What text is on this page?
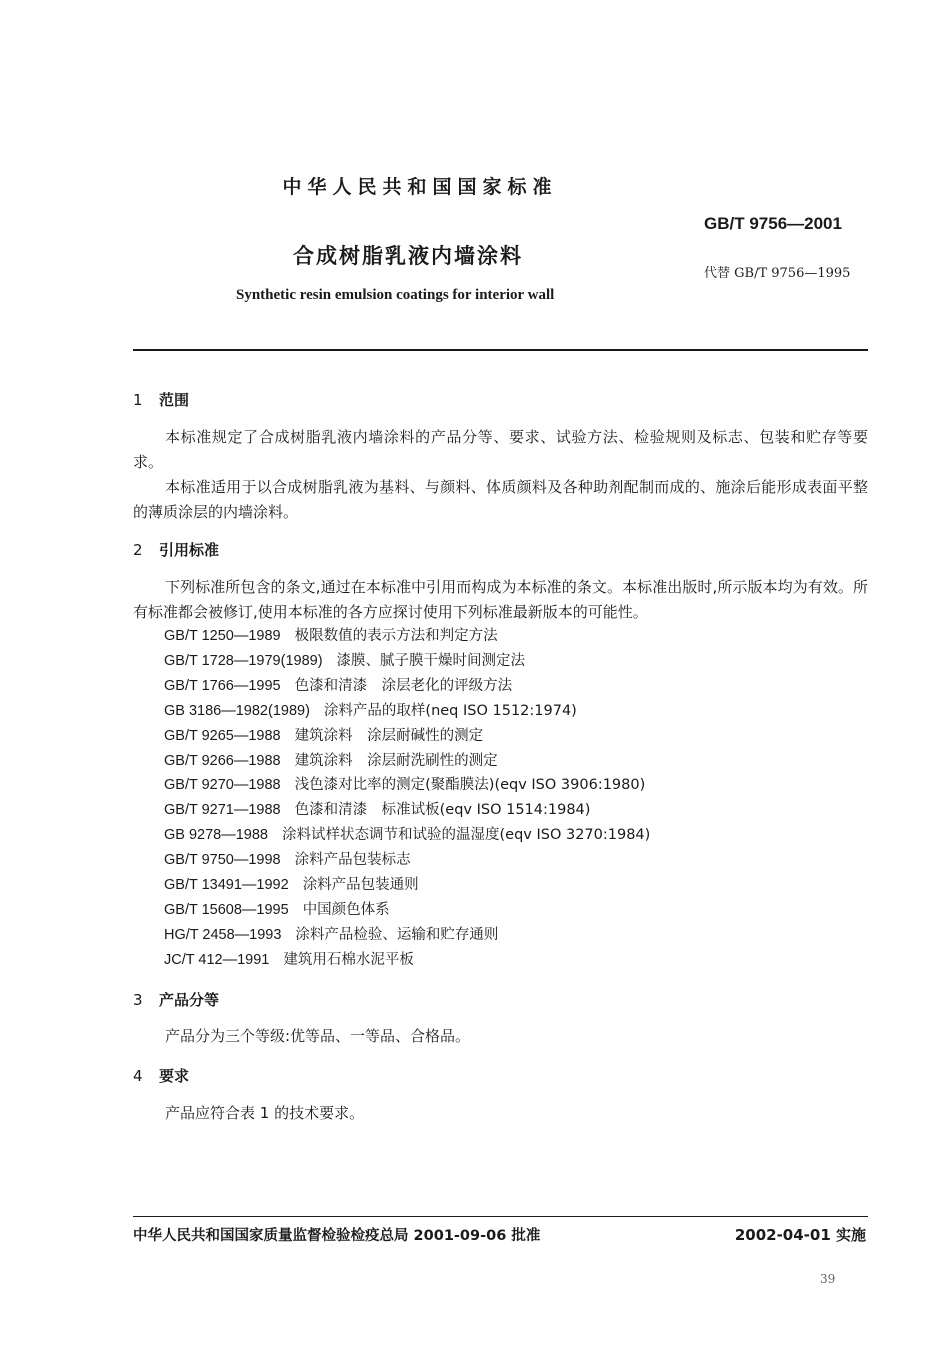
中华人民共和国国家标准
GB/T 9756—2001
合成树脂乳液内墙涂料
代替 GB/T 9756—1995
Synthetic resin emulsion coatings for interior wall
1 范围
本标准规定了合成树脂乳液内墙涂料的产品分等、要求、试验方法、检验规则及标志、包装和贮存等要求。
本标准适用于以合成树脂乳液为基料、与颜料、体质颜料及各种助剂配制而成的、施涂后能形成表面平整的薄质涂层的内墙涂料。
2 引用标准
下列标准所包含的条文,通过在本标准中引用而构成为本标准的条文。本标准出版时,所示版本均为有效。所有标准都会被修订,使用本标准的各方应探讨使用下列标准最新版本的可能性。
GB/T 1250—1989 极限数值的表示方法和判定方法
GB/T 1728—1979(1989) 漆膜、腻子膜干燥时间测定法
GB/T 1766—1995 色漆和清漆　涂层老化的评级方法
GB 3186—1982(1989) 涂料产品的取样(neq ISO 1512:1974)
GB/T 9265—1988 建筑涂料　涂层耐碱性的测定
GB/T 9266—1988 建筑涂料　涂层耐洗刷性的测定
GB/T 9270—1988 浅色漆对比率的测定(聚酯膜法)(eqv ISO 3906:1980)
GB/T 9271—1988 色漆和清漆　标准试板(eqv ISO 1514:1984)
GB 9278—1988 涂料试样状态调节和试验的温湿度(eqv ISO 3270:1984)
GB/T 9750—1998 涂料产品包装标志
GB/T 13491—1992 涂料产品包装通则
GB/T 15608—1995 中国颜色体系
HG/T 2458—1993 涂料产品检验、运输和贮存通则
JC/T 412—1991 建筑用石棉水泥平板
3 产品分等
产品分为三个等级:优等品、一等品、合格品。
4 要求
产品应符合表 1 的技术要求。
中华人民共和国国家质量监督检验检疫总局 2001-09-06 批准	2002-04-01 实施
39
